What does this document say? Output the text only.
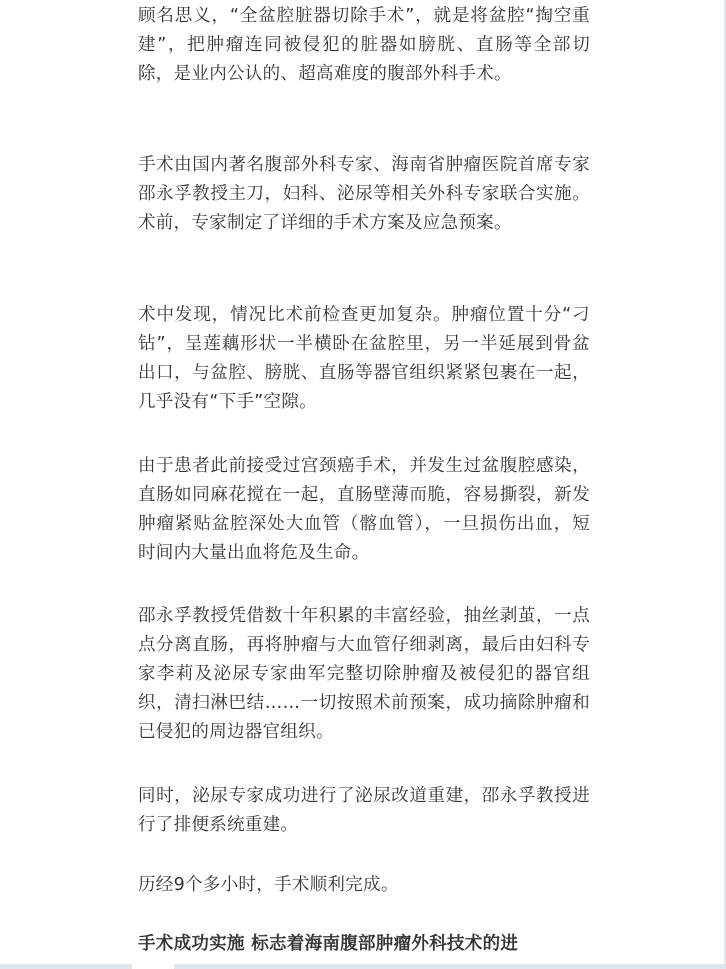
顾名思义，“全盆腔脏器切除手术”，就是将盆腔“掏空重建”，把肿瘤连同被侵犯的脏器如膀胱、直肠等全部切除，是业内公认的、超高难度的腹部外科手术。

手术由国内著名腹部外科专家、海南省肿瘤医院首席专家邵永孚教授主刀，妇科、泌尿等相关外科专家联合实施。术前，专家制定了详细的手术方案及应急预案。

术中发现，情况比术前检查更加复杂。肿瘤位置十分“刁钻”，呈莲藕形状一半横卧在盆腔里，另一半延展到骨盆出口，与盆腔、膀胱、直肠等器官组织紧紧包裹在一起，几乎没有“下手”空隙。

由于患者此前接受过宫颈癌手术，并发生过盆腹腔感染，直肠如同麻花搅在一起，直肠壁薄而脆，容易撕裂，新发肿瘤紧贴盆腔深处大血管（髂血管），一旦损伤出血，短时间内大量出血将危及生命。

邵永孚教授凭借数十年积累的丰富经验，抽丝剥茧，一点点分离直肠，再将肿瘤与大血管仔细剥离，最后由妇科专家李莉及泌尿专家曲军完整切除肿瘤及被侵犯的器官组织，清扫淋巴结……一切按照术前预案，成功摘除肿瘤和已侵犯的周边器官组织。

同时，泌尿专家成功进行了泌尿改道重建，邵永孚教授进行了排便系统重建。

历经9个多小时，手术顺利完成。

手术成功实施 标志着海南腹部肿瘤外科技术的进
